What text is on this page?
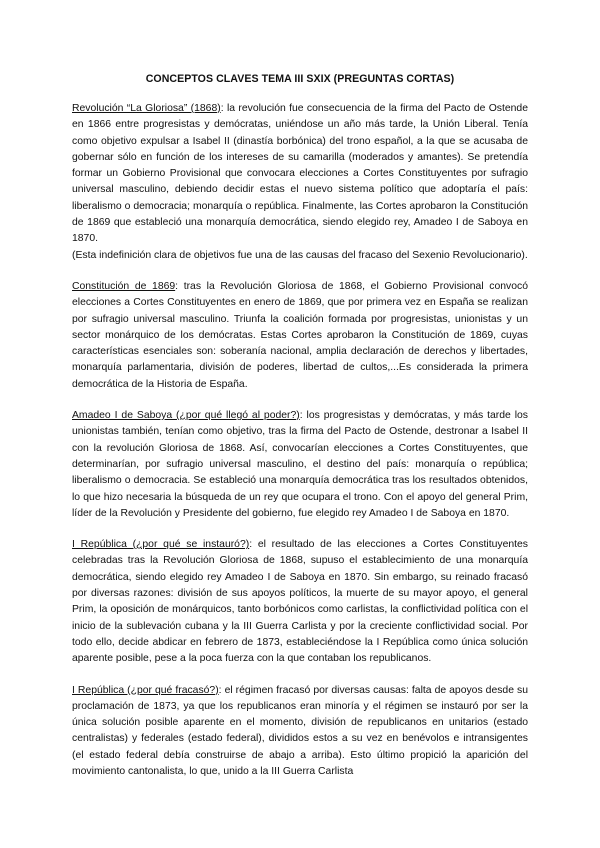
CONCEPTOS CLAVES TEMA III SXIX (PREGUNTAS CORTAS)
Revolución “La Gloriosa” (1868): la revolución fue consecuencia de la firma del Pacto de Ostende en 1866 entre progresistas y demócratas, uniéndose un año más tarde, la Unión Liberal. Tenía como objetivo expulsar a Isabel II (dinastía borbónica) del trono español, a la que se acusaba de gobernar sólo en función de los intereses de su camarilla (moderados y amantes). Se pretendía formar un Gobierno Provisional que convocara elecciones a Cortes Constituyentes por sufragio universal masculino, debiendo decidir estas el nuevo sistema político que adoptaría el país: liberalismo o democracia; monarquía o república. Finalmente, las Cortes aprobaron la Constitución de 1869 que estableció una monarquía democrática, siendo elegido rey, Amadeo I de Saboya en 1870.
(Esta indefinición clara de objetivos fue una de las causas del fracaso del Sexenio Revolucionario).
Constitución de 1869: tras la Revolución Gloriosa de 1868, el Gobierno Provisional convocó elecciones a Cortes Constituyentes en enero de 1869, que por primera vez en España se realizan por sufragio universal masculino. Triunfa la coalición formada por progresistas, unionistas y un sector monárquico de los demócratas. Estas Cortes aprobaron la Constitución de 1869, cuyas características esenciales son: soberanía nacional, amplia declaración de derechos y libertades, monarquía parlamentaria, división de poderes, libertad de cultos,...Es considerada la primera democrática de la Historia de España.
Amadeo I de Saboya (¿por qué llegó al poder?): los progresistas y demócratas, y más tarde los unionistas también, tenían como objetivo, tras la firma del Pacto de Ostende, destronar a Isabel II con la revolución Gloriosa de 1868. Así, convocarían elecciones a Cortes Constituyentes, que determinarían, por sufragio universal masculino, el destino del país: monarquía o república; liberalismo o democracia. Se estableció una monarquía democrática tras los resultados obtenidos, lo que hizo necesaria la búsqueda de un rey que ocupara el trono. Con el apoyo del general Prim, líder de la Revolución y Presidente del gobierno, fue elegido rey Amadeo I de Saboya en 1870.
I República (¿por qué se instauró?): el resultado de las elecciones a Cortes Constituyentes celebradas tras la Revolución Gloriosa de 1868, supuso el establecimiento de una monarquía democrática, siendo elegido rey Amadeo I de Saboya en 1870. Sin embargo, su reinado fracasó por diversas razones: división de sus apoyos políticos, la muerte de su mayor apoyo, el general Prim, la oposición de monárquicos, tanto borbónicos como carlistas, la conflictividad política con el inicio de la sublevación cubana y la III Guerra Carlista y por la creciente conflictividad social. Por todo ello, decide abdicar en febrero de 1873, estableciéndose la I República como única solución aparente posible, pese a la poca fuerza con la que contaban los republicanos.
I República (¿por qué fracasó?): el régimen fracasó por diversas causas: falta de apoyos desde su proclamación de 1873, ya que los republicanos eran minoría y el régimen se instauró por ser la única solución posible aparente en el momento, división de republicanos en unitarios (estado centralistas) y federales (estado federal), divididos estos a su vez en benévolos e intransigentes (el estado federal debía construirse de abajo a arriba). Esto último propició la aparición del movimiento cantonalista, lo que, unido a la III Guerra Carlista
